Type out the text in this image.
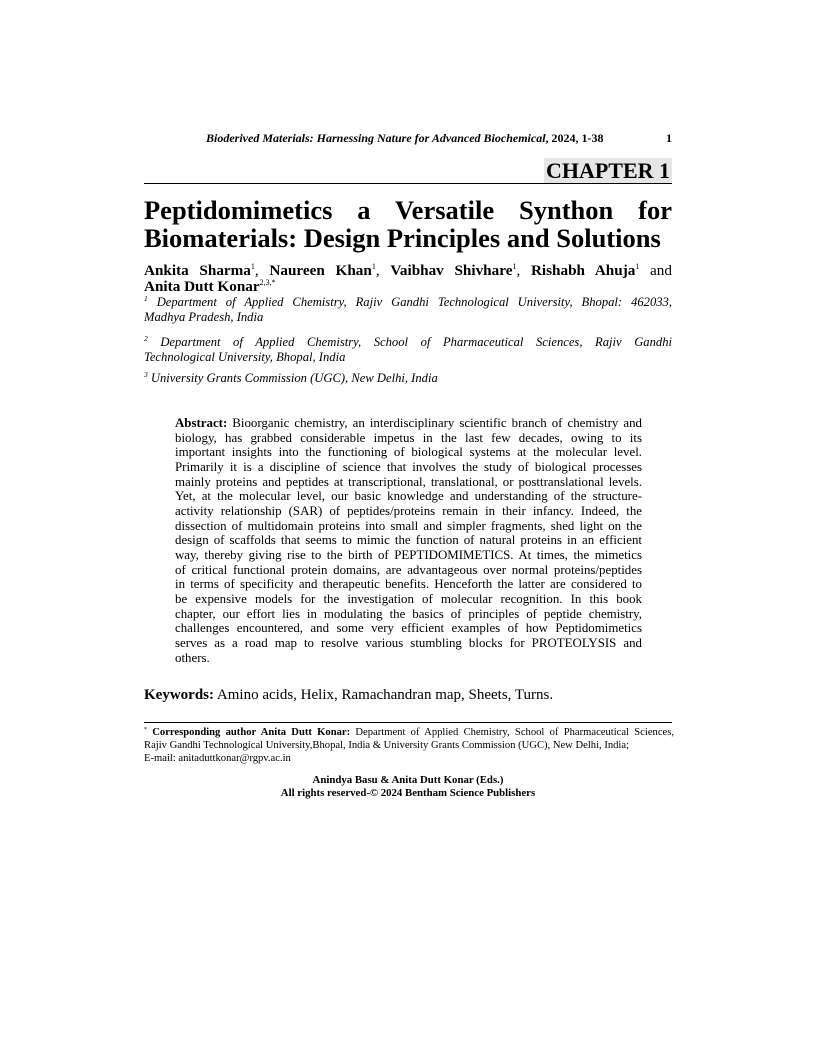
Bioderived Materials: Harnessing Nature for Advanced Biochemical, 2024, 1-38	1
CHAPTER 1
Peptidomimetics a Versatile Synthon for
Biomaterials: Design Principles and Solutions
Ankita Sharma$^1$, Naureen Khan$^1$, Vaibhav Shivhare$^1$, Rishabh Ahuja$^1$ and
Anita Dutt Konar$^{2,3,*}$
$^1$ Department of Applied Chemistry, Rajiv Gandhi Technological University, Bhopal: 462033,
Madhya Pradesh, India
$^2$ Department of Applied Chemistry, School of Pharmaceutical Sciences, Rajiv Gandhi
Technological University, Bhopal, India
$^3$ University Grants Commission (UGC), New Delhi, India
Abstract: Bioorganic chemistry, an interdisciplinary scientific branch of chemistry and
biology, has grabbed considerable impetus in the last few decades, owing to its
important insights into the functioning of biological systems at the molecular level.
Primarily it is a discipline of science that involves the study of biological processes
mainly proteins and peptides at transcriptional, translational, or posttranslational levels.
Yet, at the molecular level, our basic knowledge and understanding of the structure-
activity relationship (SAR) of peptides/proteins remain in their infancy. Indeed, the
dissection of multidomain proteins into small and simpler fragments, shed light on the
design of scaffolds that seems to mimic the function of natural proteins in an efficient
way, thereby giving rise to the birth of PEPTIDOMIMETICS. At times, the mimetics
of critical functional protein domains, are advantageous over normal proteins/peptides
in terms of specificity and therapeutic benefits. Henceforth the latter are considered to
be expensive models for the investigation of molecular recognition. In this book
chapter, our effort lies in modulating the basics of principles of peptide chemistry,
challenges encountered, and some very efficient examples of how Peptidomimetics
serves as a road map to resolve various stumbling blocks for PROTEOLYSIS and
others.
Keywords: Amino acids, Helix, Ramachandran map, Sheets, Turns.
* Corresponding author Anita Dutt Konar: Department of Applied Chemistry, School of Pharmaceutical Sciences,
Rajiv Gandhi Technological University,Bhopal, India & University Grants Commission (UGC), New Delhi, India;
E-mail: anitaduttkonar@rgpv.ac.in
Anindya Basu & Anita Dutt Konar (Eds.)
All rights reserved-© 2024 Bentham Science Publishers
